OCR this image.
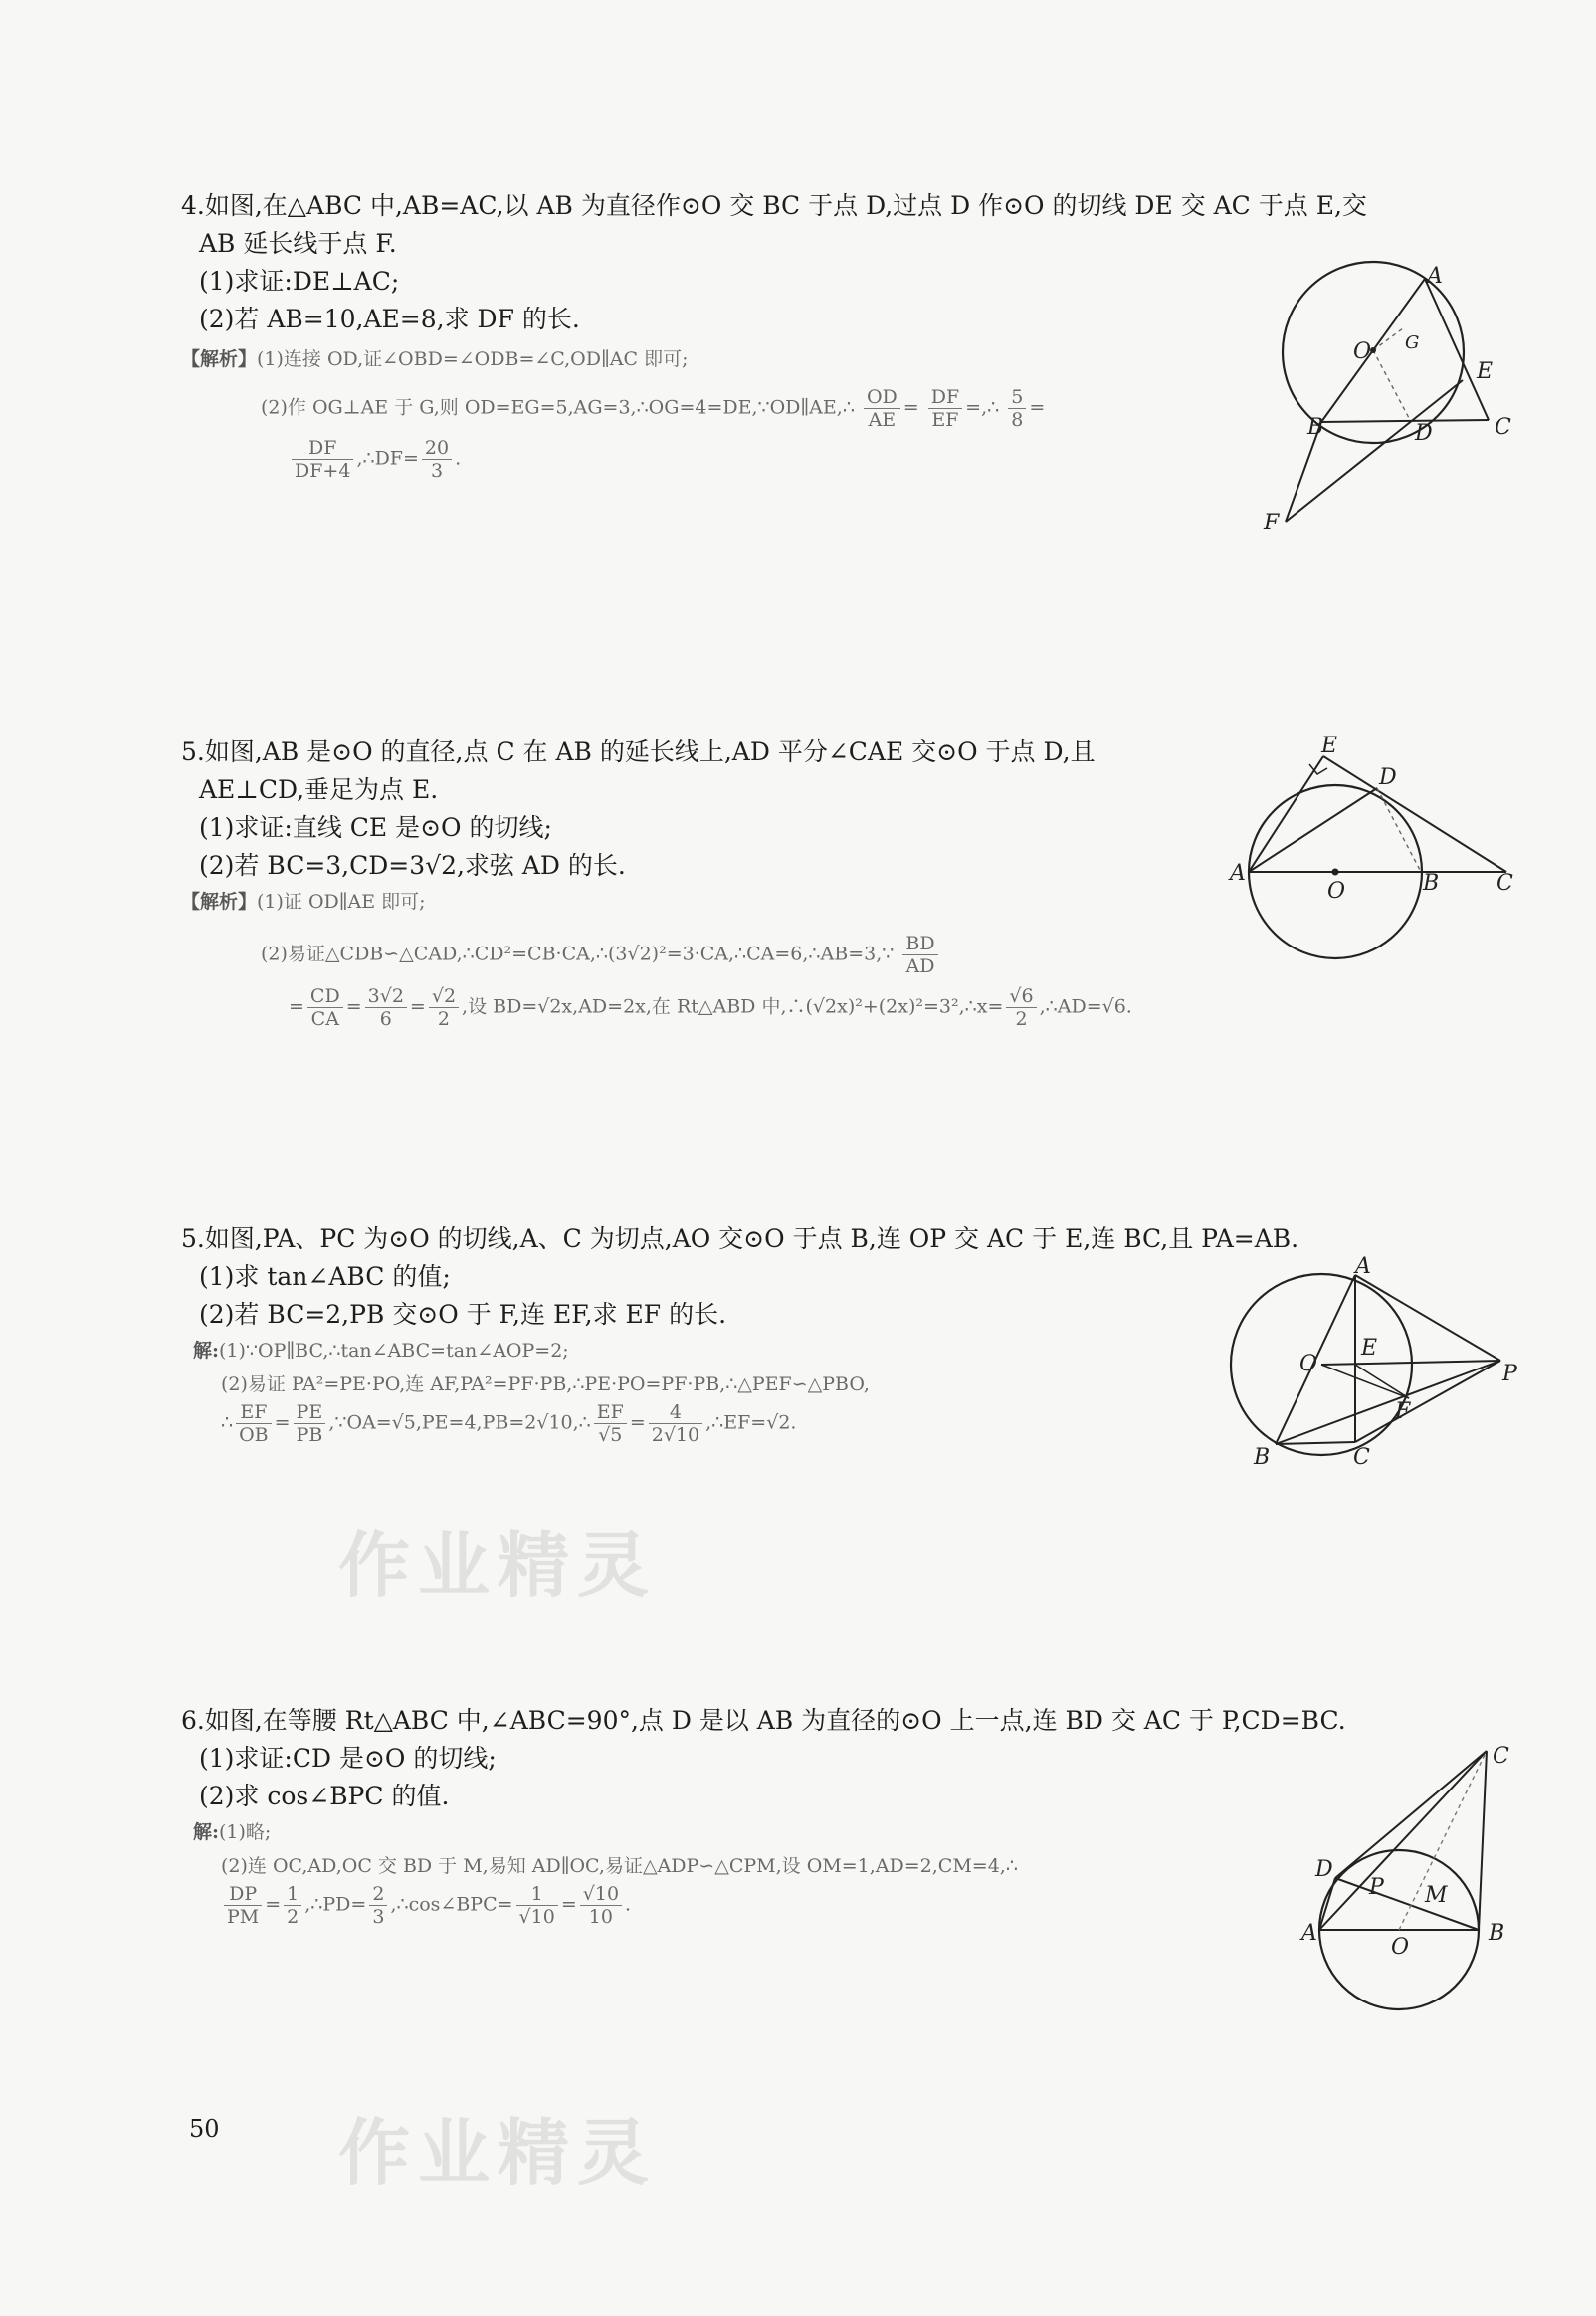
4.如图,在△ABC 中,AB=AC,以 AB 为直径作⊙O 交 BC 于点 D,过点 D 作⊙O 的切线 DE 交 AC 于点 E,交
AB 延长线于点 F.
(1)求证:DE⊥AC;
(2)若 AB=10,AE=8,求 DF 的长.
【解析】(1)连接 OD,证∠OBD=∠ODB=∠C,OD∥AC 即可;
(2)作 OG⊥AE 于 G,则 OD=EG=5,AG=3,∴OG=4=DE,∵OD∥AE,∴ $\frac{OD}{AE} = \frac{DF}{EF}$ =,∴ $\frac{5}{8}$ =
$\frac{DF}{DF+4}$ ,∴DF= $\frac{20}{3}$ .
A
G
O
E
B	D	C
F
5.如图,AB 是⊙O 的直径,点 C 在 AB 的延长线上,AD 平分∠CAE 交⊙O 于点 D,且
AE⊥CD,垂足为点 E.
(1)求证:直线 CE 是⊙O 的切线;
(2)若 BC=3,CD=3√2,求弦 AD 的长.
【解析】(1)证 OD∥AE 即可;
(2)易证△CDB∽△CAD,∴CD²=CB·CA,∴(3√2)²=3·CA,∴CA=6,∴AB=3,∵ $\frac{BD}{AD}$
= $\frac{CD}{CA} = \frac{3√2}{6} = \frac{√2}{2}$ ,设 BD=√2x,AD=2x,在 Rt△ABD 中,∴(√2x)²+(2x)²=3²,∴x= $\frac{√6}{2}$ ,∴AD=√6.
E
D
A
O	B	C
5.如图,PA、PC 为⊙O 的切线,A、C 为切点,AO 交⊙O 于点 B,连 OP 交 AC 于 E,连 BC,且 PA=AB.
(1)求 tan∠ABC 的值;
(2)若 BC=2,PB 交⊙O 于 F,连 EF,求 EF 的长.
解:(1)∵OP∥BC,∴tan∠ABC=tan∠AOP=2;
(2)易证 PA²=PE·PO,连 AF,PA²=PF·PB,∴PE·PO=PF·PB,∴△PEF∽△PBO,
∴ $\frac{EF}{OB} = \frac{PE}{PB}$ ,∵OA=√5,PE=4,PB=2√10,∴ $\frac{EF}{√5} = \frac{4}{2√10}$ ,∴EF=√2.
A
O
E
P
F
B	C
作业精灵
6.如图,在等腰 Rt△ABC 中,∠ABC=90°,点 D 是以 AB 为直径的⊙O 上一点,连 BD 交 AC 于 P,CD=BC.
(1)求证:CD 是⊙O 的切线;
(2)求 cos∠BPC 的值.
解:(1)略;
(2)连 OC,AD,OC 交 BD 于 M,易知 AD∥OC,易证△ADP∽△CPM,设 OM=1,AD=2,CM=4,∴
$\frac{DP}{PM} = \frac{1}{2}$ ,∴PD= $\frac{2}{3}$ ,∴cos∠BPC= $\frac{1}{√10} = \frac{√10}{10}$ .
C
D
P M
A
O
B
作业精灵
50
